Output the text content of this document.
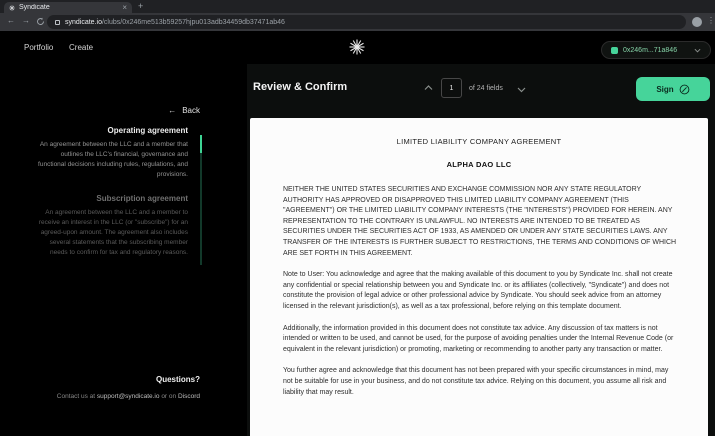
Syndicate	× +
← →	syndicate.io/clubs/0x246me513b59257hjpu013adb34459db37471ab46	⋮
Portfolio Create	0x246m...71a846
← Back
Operating agreement
An agreement between the LLC and a member that outlines the LLC's financial, governance and functional decisions including rules, regulations, and provisions.
Subscription agreement
An agreement between the LLC and a member to receive an interest in the LLC (or "subscribe") for an agreed-upon amount. The agreement also includes several statements that the subscribing member needs to confirm for tax and regulatory reasons.
Questions?
Contact us at support@syndicate.io or on Discord
Review & Confirm
1	of 24 fields	Sign
LIMITED LIABILITY COMPANY AGREEMENT
ALPHA DAO LLC

NEITHER THE UNITED STATES SECURITIES AND EXCHANGE COMMISSION NOR ANY STATE REGULATORY AUTHORITY HAS APPROVED OR DISAPPROVED THIS LIMITED LIABILITY COMPANY AGREEMENT (THIS "AGREEMENT") OR THE LIMITED LIABILITY COMPANY INTERESTS (THE "INTERESTS") PROVIDED FOR HEREIN. ANY REPRESENTATION TO THE CONTRARY IS UNLAWFUL. NO INTERESTS ARE INTENDED TO BE TREATED AS SECURITIES UNDER THE SECURITIES ACT OF 1933, AS AMENDED OR UNDER ANY STATE SECURITIES LAWS. ANY TRANSFER OF THE INTERESTS IS FURTHER SUBJECT TO RESTRICTIONS, THE TERMS AND CONDITIONS OF WHICH ARE SET FORTH IN THIS AGREEMENT.

Note to User: You acknowledge and agree that the making available of this document to you by Syndicate Inc. shall not create any confidential or special relationship between you and Syndicate Inc. or its affiliates (collectively, "Syndicate") and does not constitute the provision of legal advice or other professional advice by Syndicate. You should seek advice from an attorney licensed in the relevant jurisdiction(s), as well as a tax professional, before relying on this template document.

Additionally, the information provided in this document does not constitute tax advice. Any discussion of tax matters is not intended or written to be used, and cannot be used, for the purpose of avoiding penalties under the Internal Revenue Code (or equivalent in the relevant jurisdiction) or promoting, marketing or recommending to another party any transaction or matter.

You further agree and acknowledge that this document has not been prepared with your specific circumstances in mind, may not be suitable for use in your business, and do not constitute tax advice. Relying on this document, you assume all risk and liability that may result.
